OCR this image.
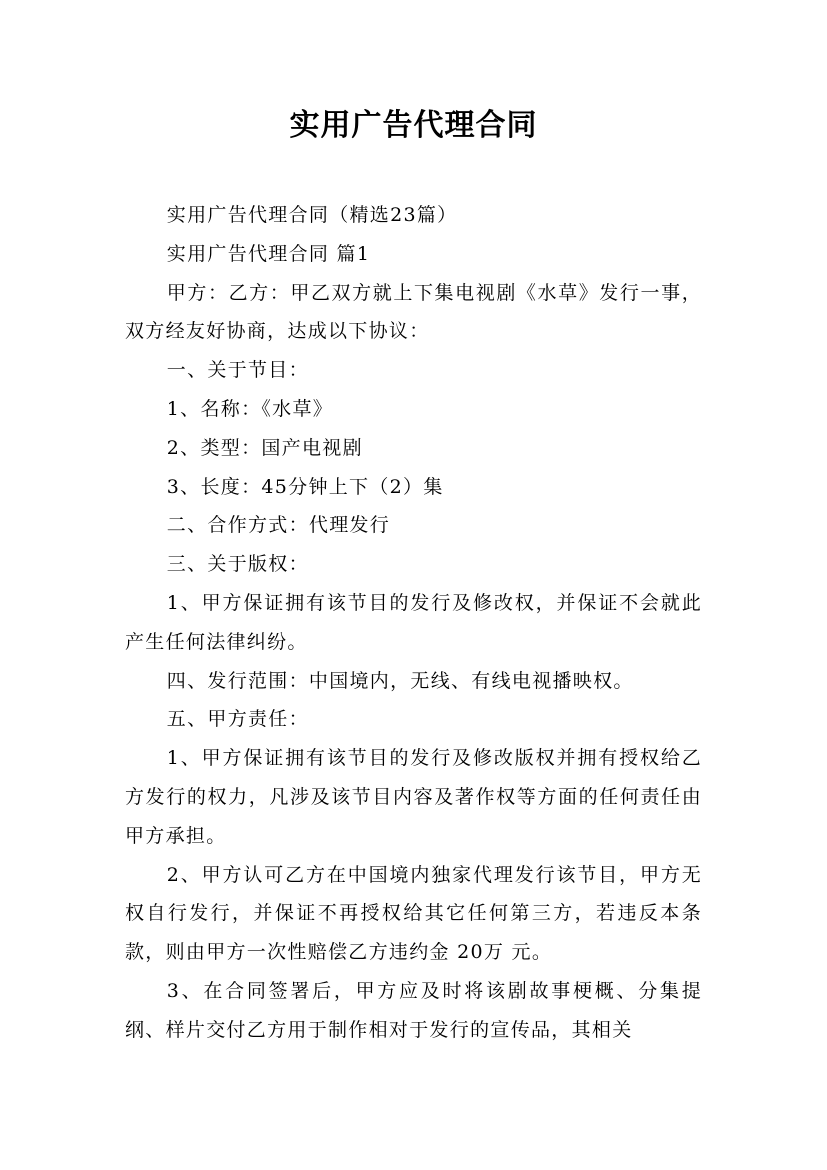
实用广告代理合同

实用广告代理合同（精选23篇）

实用广告代理合同 篇1

甲方：乙方：甲乙双方就上下集电视剧《水草》发行一事，双方经友好协商，达成以下协议：

一、关于节目：

1、名称：《水草》

2、类型：国产电视剧

3、长度：45分钟上下（2）集

二、合作方式：代理发行

三、关于版权：

1、甲方保证拥有该节目的发行及修改权，并保证不会就此产生任何法律纠纷。

四、发行范围：中国境内，无线、有线电视播映权。

五、甲方责任：

1、甲方保证拥有该节目的发行及修改版权并拥有授权给乙方发行的权力，凡涉及该节目内容及著作权等方面的任何责任由甲方承担。

2、甲方认可乙方在中国境内独家代理发行该节目，甲方无权自行发行，并保证不再授权给其它任何第三方，若违反本条款，则由甲方一次性赔偿乙方违约金 20万 元。

3、在合同签署后，甲方应及时将该剧故事梗概、分集提纲、样片交付乙方用于制作相对于发行的宣传品，其相关
